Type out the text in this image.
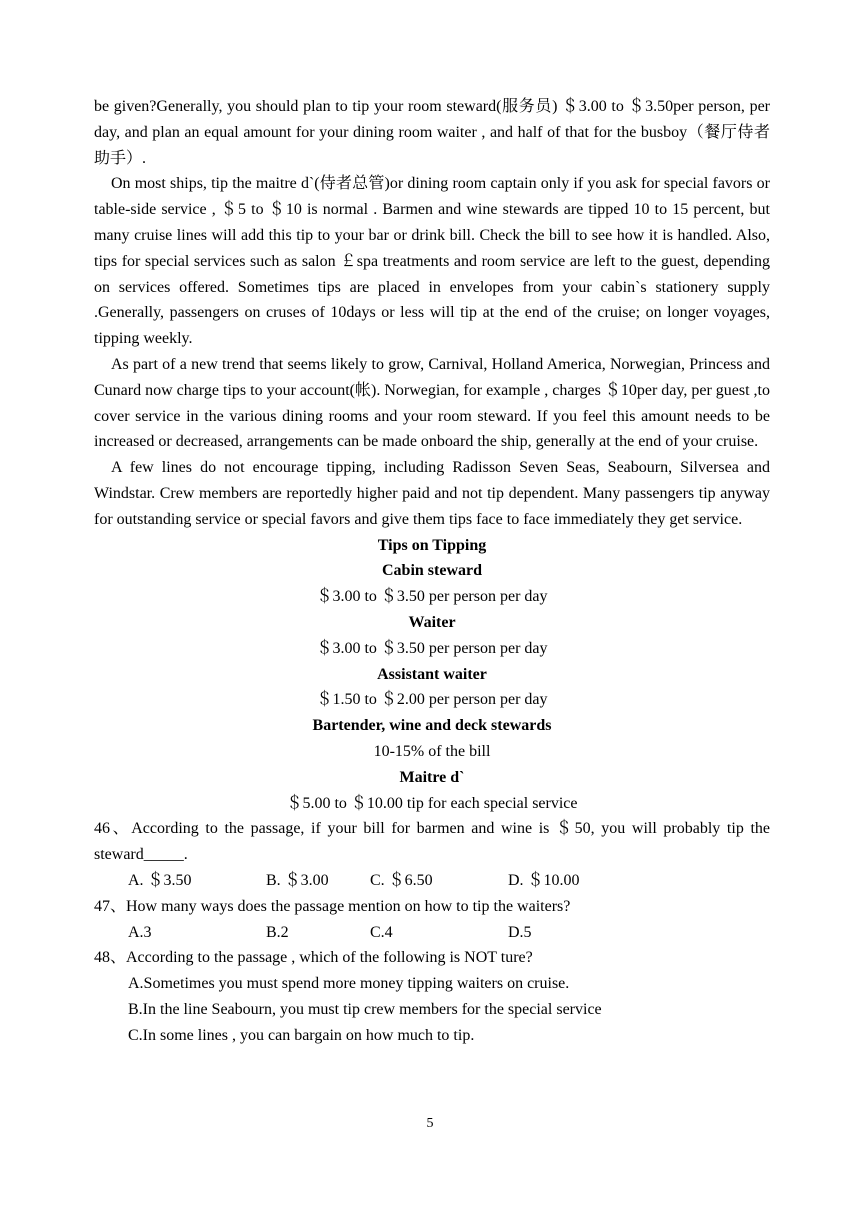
be given?Generally, you should plan to tip your room steward(服务员) ＄3.00 to ＄3.50per person, per day, and plan an equal amount for your dining room waiter , and half of that for the busboy（餐厅侍者助手）.

On most ships, tip the maitre d`(侍者总管)or dining room captain only if you ask for special favors or table-side service , ＄5 to ＄10 is normal . Barmen and wine stewards are tipped 10 to 15 percent, but many cruise lines will add this tip to your bar or drink bill. Check the bill to see how it is handled. Also, tips for special services such as salon ￡spa treatments and room service are left to the guest, depending on services offered. Sometimes tips are placed in envelopes from your cabin`s stationery supply .Generally, passengers on cruses of 10days or less will tip at the end of the cruise; on longer voyages, tipping weekly.

As part of a new trend that seems likely to grow, Carnival, Holland America, Norwegian, Princess and Cunard now charge tips to your account(帐). Norwegian, for example , charges ＄10per day, per guest ,to cover service in the various dining rooms and your room steward. If you feel this amount needs to be increased or decreased, arrangements can be made onboard the ship, generally at the end of your cruise.

A few lines do not encourage tipping, including Radisson Seven Seas, Seabourn, Silversea and Windstar. Crew members are reportedly higher paid and not tip dependent. Many passengers tip anyway for outstanding service or special favors and give them tips face to face immediately they get service.

Tips on Tipping
Cabin steward
＄3.00 to ＄3.50 per person per day
Waiter
＄3.00 to ＄3.50 per person per day
Assistant waiter
＄1.50 to ＄2.00 per person per day
Bartender, wine and deck stewards
10-15% of the bill
Maitre d`
＄5.00 to ＄10.00 tip for each special service

46、According to the passage, if your bill for barmen and wine is ＄50, you will probably tip the steward_____.

A. ＄3.50	B. ＄3.00	C. ＄6.50	D. ＄10.00

47、How many ways does the passage mention on how to tip the waiters?

A.3	B.2	C.4	D.5

48、According to the passage , which of the following is NOT ture?

A.Sometimes you must spend more money tipping waiters on cruise.
B.In the line Seabourn, you must tip crew members for the special service
C.In some lines , you can bargain on how much to tip.
5
